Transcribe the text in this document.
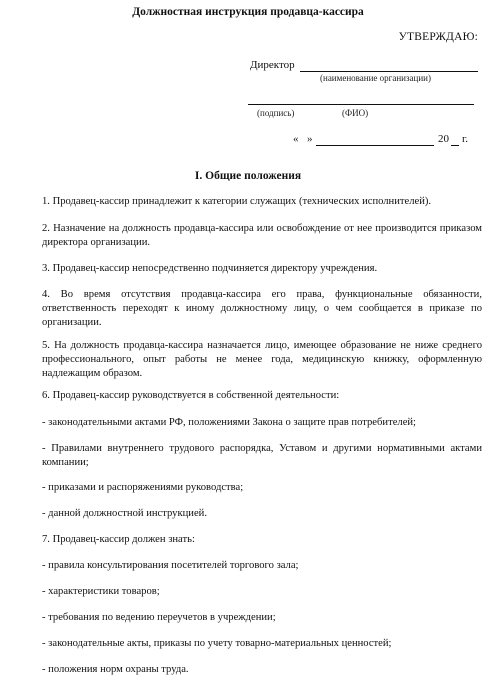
Должностная инструкция продавца-кассира
УТВЕРЖДАЮ:
Директор
(наименование организации)
(подпись)	(ФИО)
« »	20 г.
I. Общие положения

1. Продавец-кассир принадлежит к категории служащих (технических исполнителей).

2. Назначение на должность продавца-кассира или освобождение от нее производится приказом директора организации.

3. Продавец-кассир непосредственно подчиняется директору учреждения.

4. Во время отсутствия продавца-кассира его права, функциональные обязанности, ответственность переходят к иному должностному лицу, о чем сообщается в приказе по организации.

5. На должность продавца-кассира назначается лицо, имеющее образование не ниже среднего профессионального, опыт работы не менее года, медицинскую книжку, оформленную надлежащим образом.

6. Продавец-кассир руководствуется в собственной деятельности:

- законодательными актами РФ, положениями Закона о защите прав потребителей;

- Правилами внутреннего трудового распорядка, Уставом и другими нормативными актами компании;

- приказами и распоряжениями руководства;

- данной должностной инструкцией.

7. Продавец-кассир должен знать:

- правила консультирования посетителей торгового зала;

- характеристики товаров;

- требования по ведению переучетов в учреждении;

- законодательные акты, приказы по учету товарно-материальных ценностей;

- положения норм охраны труда.
